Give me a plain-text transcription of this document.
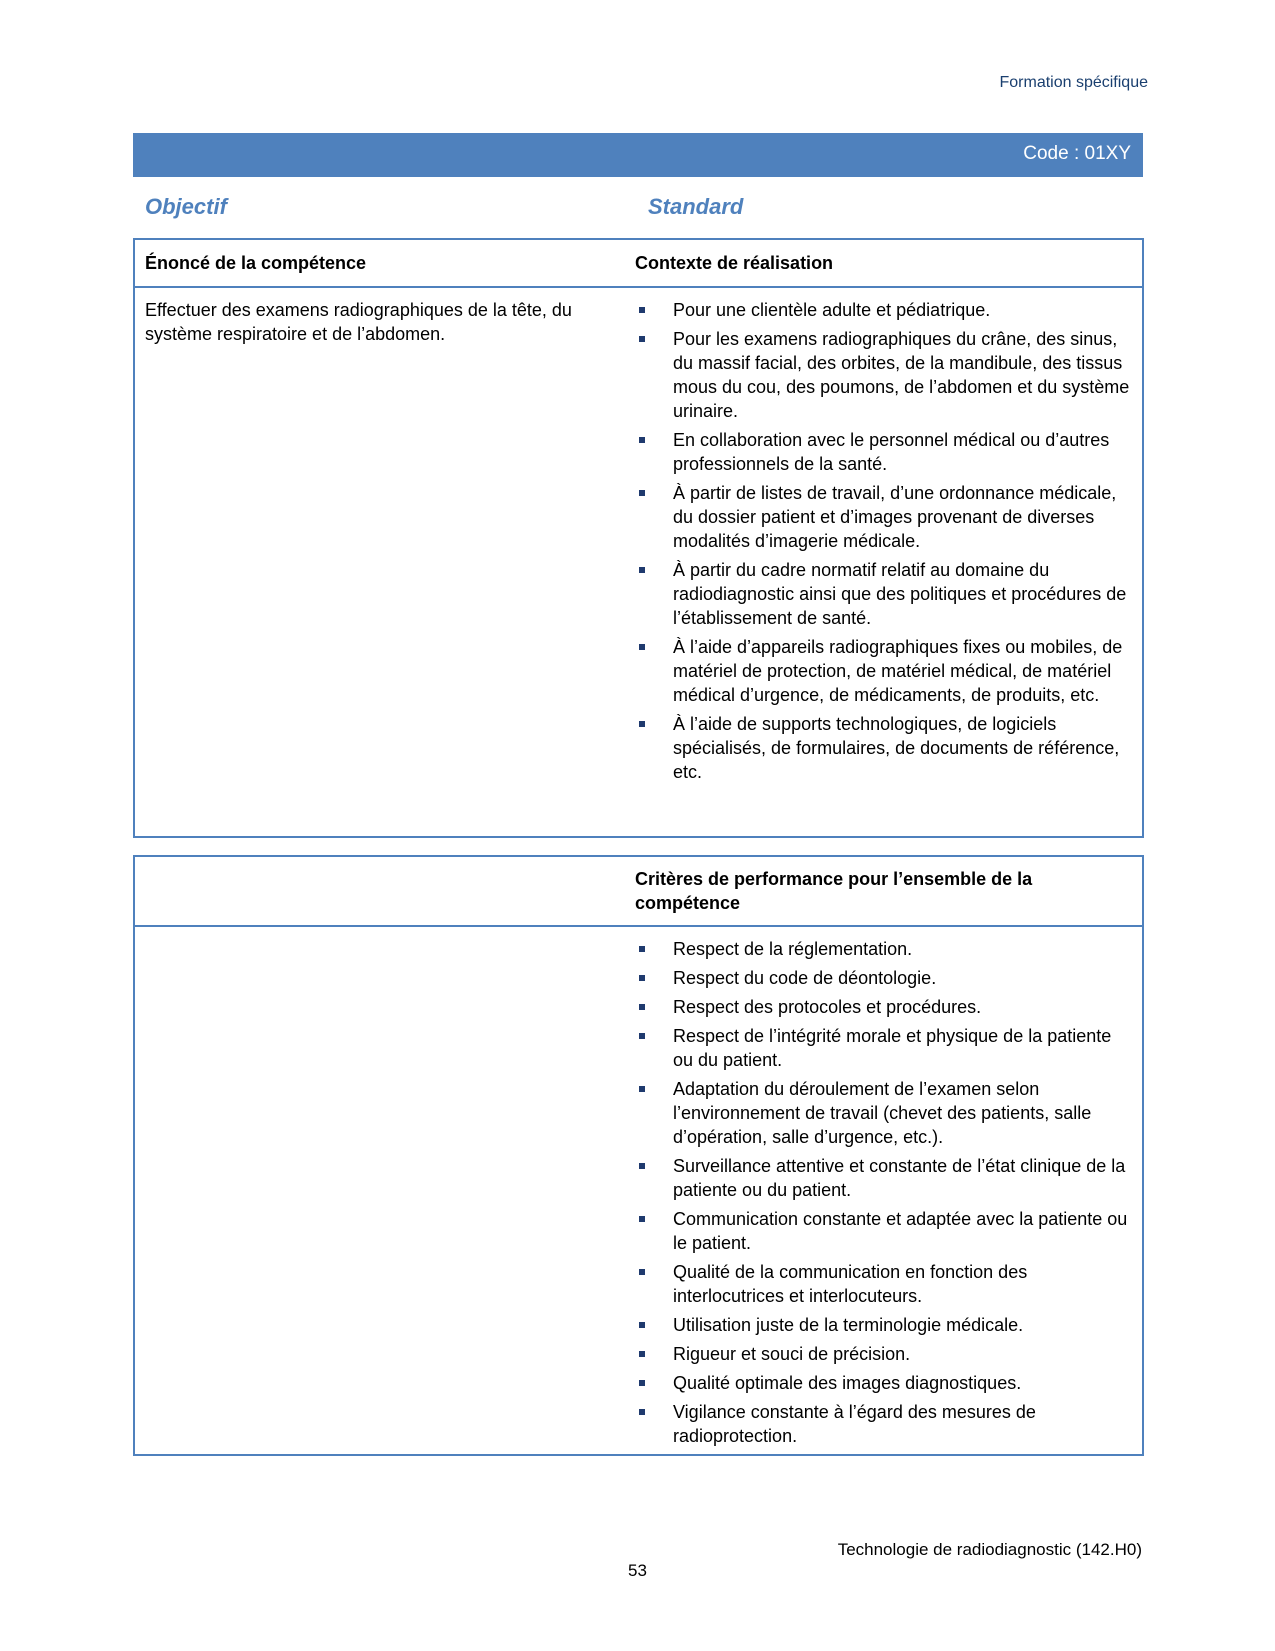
Formation spécifique
Code : 01XY
Objectif	Standard
Énoncé de la compétence	Contexte de réalisation
Effectuer des examens radiographiques de la tête, du système respiratoire et de l’abdomen.
Pour une clientèle adulte et pédiatrique.
Pour les examens radiographiques du crâne, des sinus, du massif facial, des orbites, de la mandibule, des tissus mous du cou, des poumons, de l’abdomen et du système urinaire.
En collaboration avec le personnel médical ou d’autres professionnels de la santé.
À partir de listes de travail, d’une ordonnance médicale, du dossier patient et d’images provenant de diverses modalités d’imagerie médicale.
À partir du cadre normatif relatif au domaine du radiodiagnostic ainsi que des politiques et procédures de l’établissement de santé.
À l’aide d’appareils radiographiques fixes ou mobiles, de matériel de protection, de matériel médical, de matériel médical d’urgence, de médicaments, de produits, etc.
À l’aide de supports technologiques, de logiciels spécialisés, de formulaires, de documents de référence, etc.
Critères de performance pour l’ensemble de la compétence
Respect de la réglementation.
Respect du code de déontologie.
Respect des protocoles et procédures.
Respect de l’intégrité morale et physique de la patiente ou du patient.
Adaptation du déroulement de l’examen selon l’environnement de travail (chevet des patients, salle d’opération, salle d’urgence, etc.).
Surveillance attentive et constante de l’état clinique de la patiente ou du patient.
Communication constante et adaptée avec la patiente ou le patient.
Qualité de la communication en fonction des interlocutrices et interlocuteurs.
Utilisation juste de la terminologie médicale.
Rigueur et souci de précision.
Qualité optimale des images diagnostiques.
Vigilance constante à l’égard des mesures de radioprotection.
Technologie de radiodiagnostic (142.H0)
53
